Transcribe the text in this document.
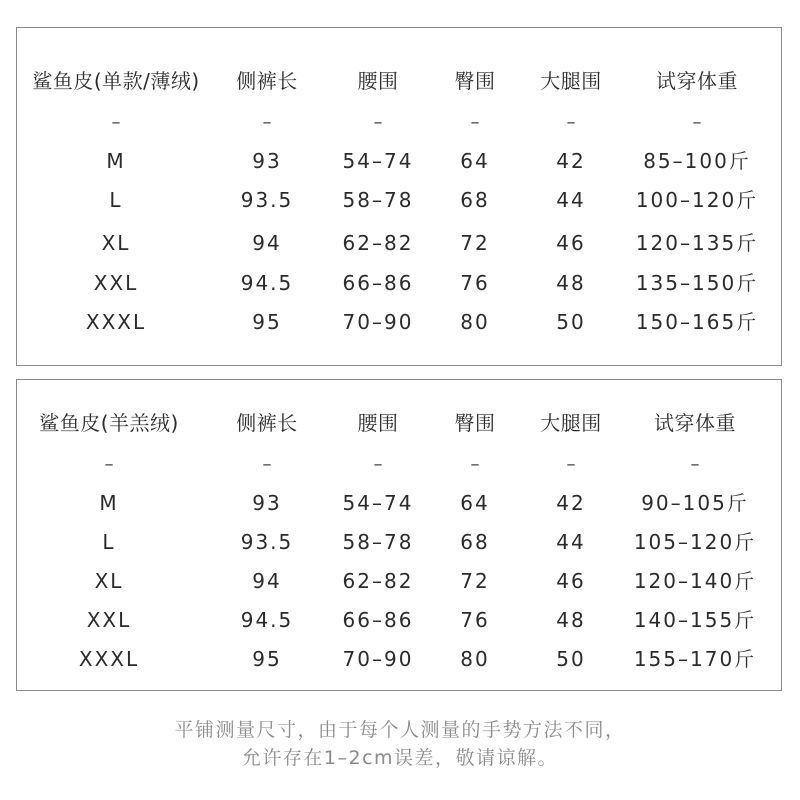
鲨鱼皮(单款/薄绒) 侧裤长	腰围	臀围 大腿围	试穿体重
–	–	–	–	–	–
M	93	54–74 64	42	85–100斤
L	93.5 58–78 68	44	100–120斤
XL	94	62–82 72	46	120–135斤
XXL	94.5 66–86 76	48	135–150斤
XXXL	95	70–90 80	50	150–165斤
鲨鱼皮(羊羔绒)	侧裤长	腰围	臀围 大腿围	试穿体重
–	–	–	–	–	–
M	93	54–74 64	42	90–105斤
L	93.5 58–78 68	44 105–120斤
XL	94	62–82 72	46 120–140斤
XXL	94.5 66–86 76	48 140–155斤
XXXL	95	70–90 80	50 155–170斤
平铺测量尺寸，由于每个人测量的手势方法不同，
允许存在1–2cm误差，敬请谅解。
